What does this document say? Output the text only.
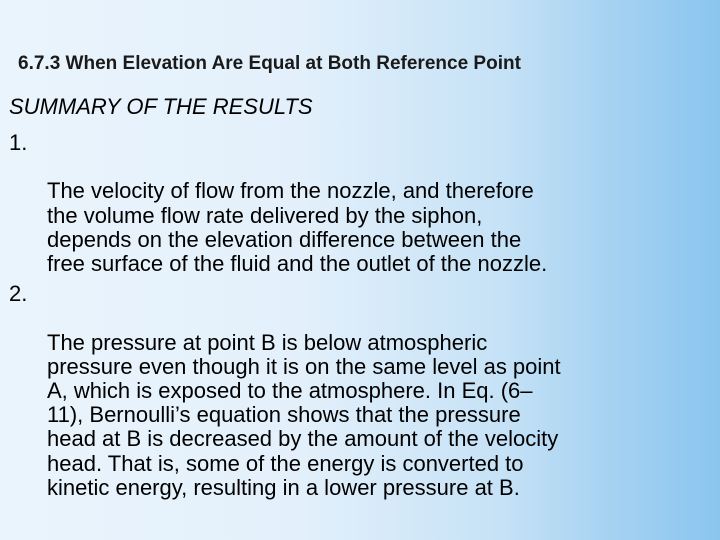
6.7.3 When Elevation Are Equal at Both Reference Point
SUMMARY OF THE RESULTS

1.

The velocity of flow from the nozzle, and therefore
the volume flow rate delivered by the siphon,
depends on the elevation difference between the
free surface of the fluid and the outlet of the nozzle.

2.

The pressure at point B is below atmospheric
pressure even though it is on the same level as point
A, which is exposed to the atmosphere. In Eq. (6–
11), Bernoulli’s equation shows that the pressure
head at B is decreased by the amount of the velocity
head. That is, some of the energy is converted to
kinetic energy, resulting in a lower pressure at B.
